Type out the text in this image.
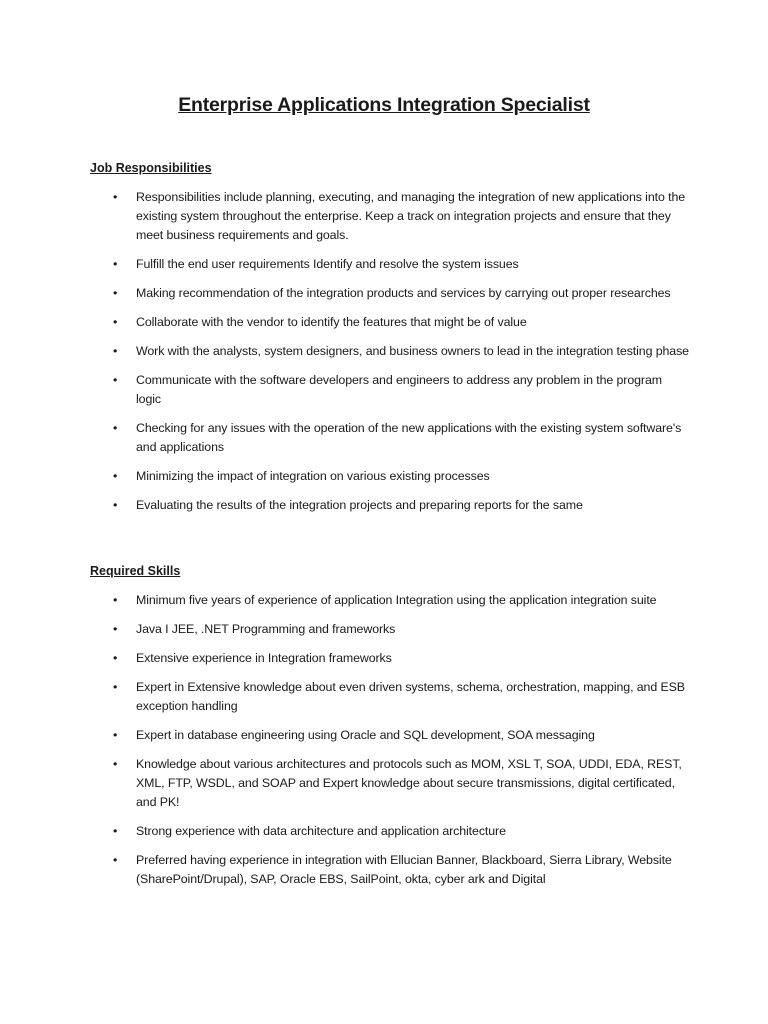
Enterprise Applications Integration Specialist
Job Responsibilities
• Responsibilities include planning, executing, and managing the integration of new applications into the existing system throughout the enterprise. Keep a track on integration projects and ensure that they meet business requirements and goals.
• Fulfill the end user requirements Identify and resolve the system issues
• Making recommendation of the integration products and services by carrying out proper researches
• Collaborate with the vendor to identify the features that might be of value
• Work with the analysts, system designers, and business owners to lead in the integration testing phase
• Communicate with the software developers and engineers to address any problem in the program logic
• Checking for any issues with the operation of the new applications with the existing system software's and applications
• Minimizing the impact of integration on various existing processes
• Evaluating the results of the integration projects and preparing reports for the same
Required Skills
• Minimum five years of experience of application Integration using the application integration suite
• Java I JEE, .NET Programming and frameworks
• Extensive experience in Integration frameworks
• Expert in Extensive knowledge about even driven systems, schema, orchestration, mapping, and ESB exception handling
• Expert in database engineering using Oracle and SQL development, SOA messaging
• Knowledge about various architectures and protocols such as MOM, XSL T, SOA, UDDI, EDA, REST, XML, FTP, WSDL, and SOAP and Expert knowledge about secure transmissions, digital certificated, and PK!
• Strong experience with data architecture and application architecture
• Preferred having experience in integration with Ellucian Banner, Blackboard, Sierra Library, Website (SharePoint/Drupal), SAP, Oracle EBS, SailPoint, okta, cyber ark and Digital
